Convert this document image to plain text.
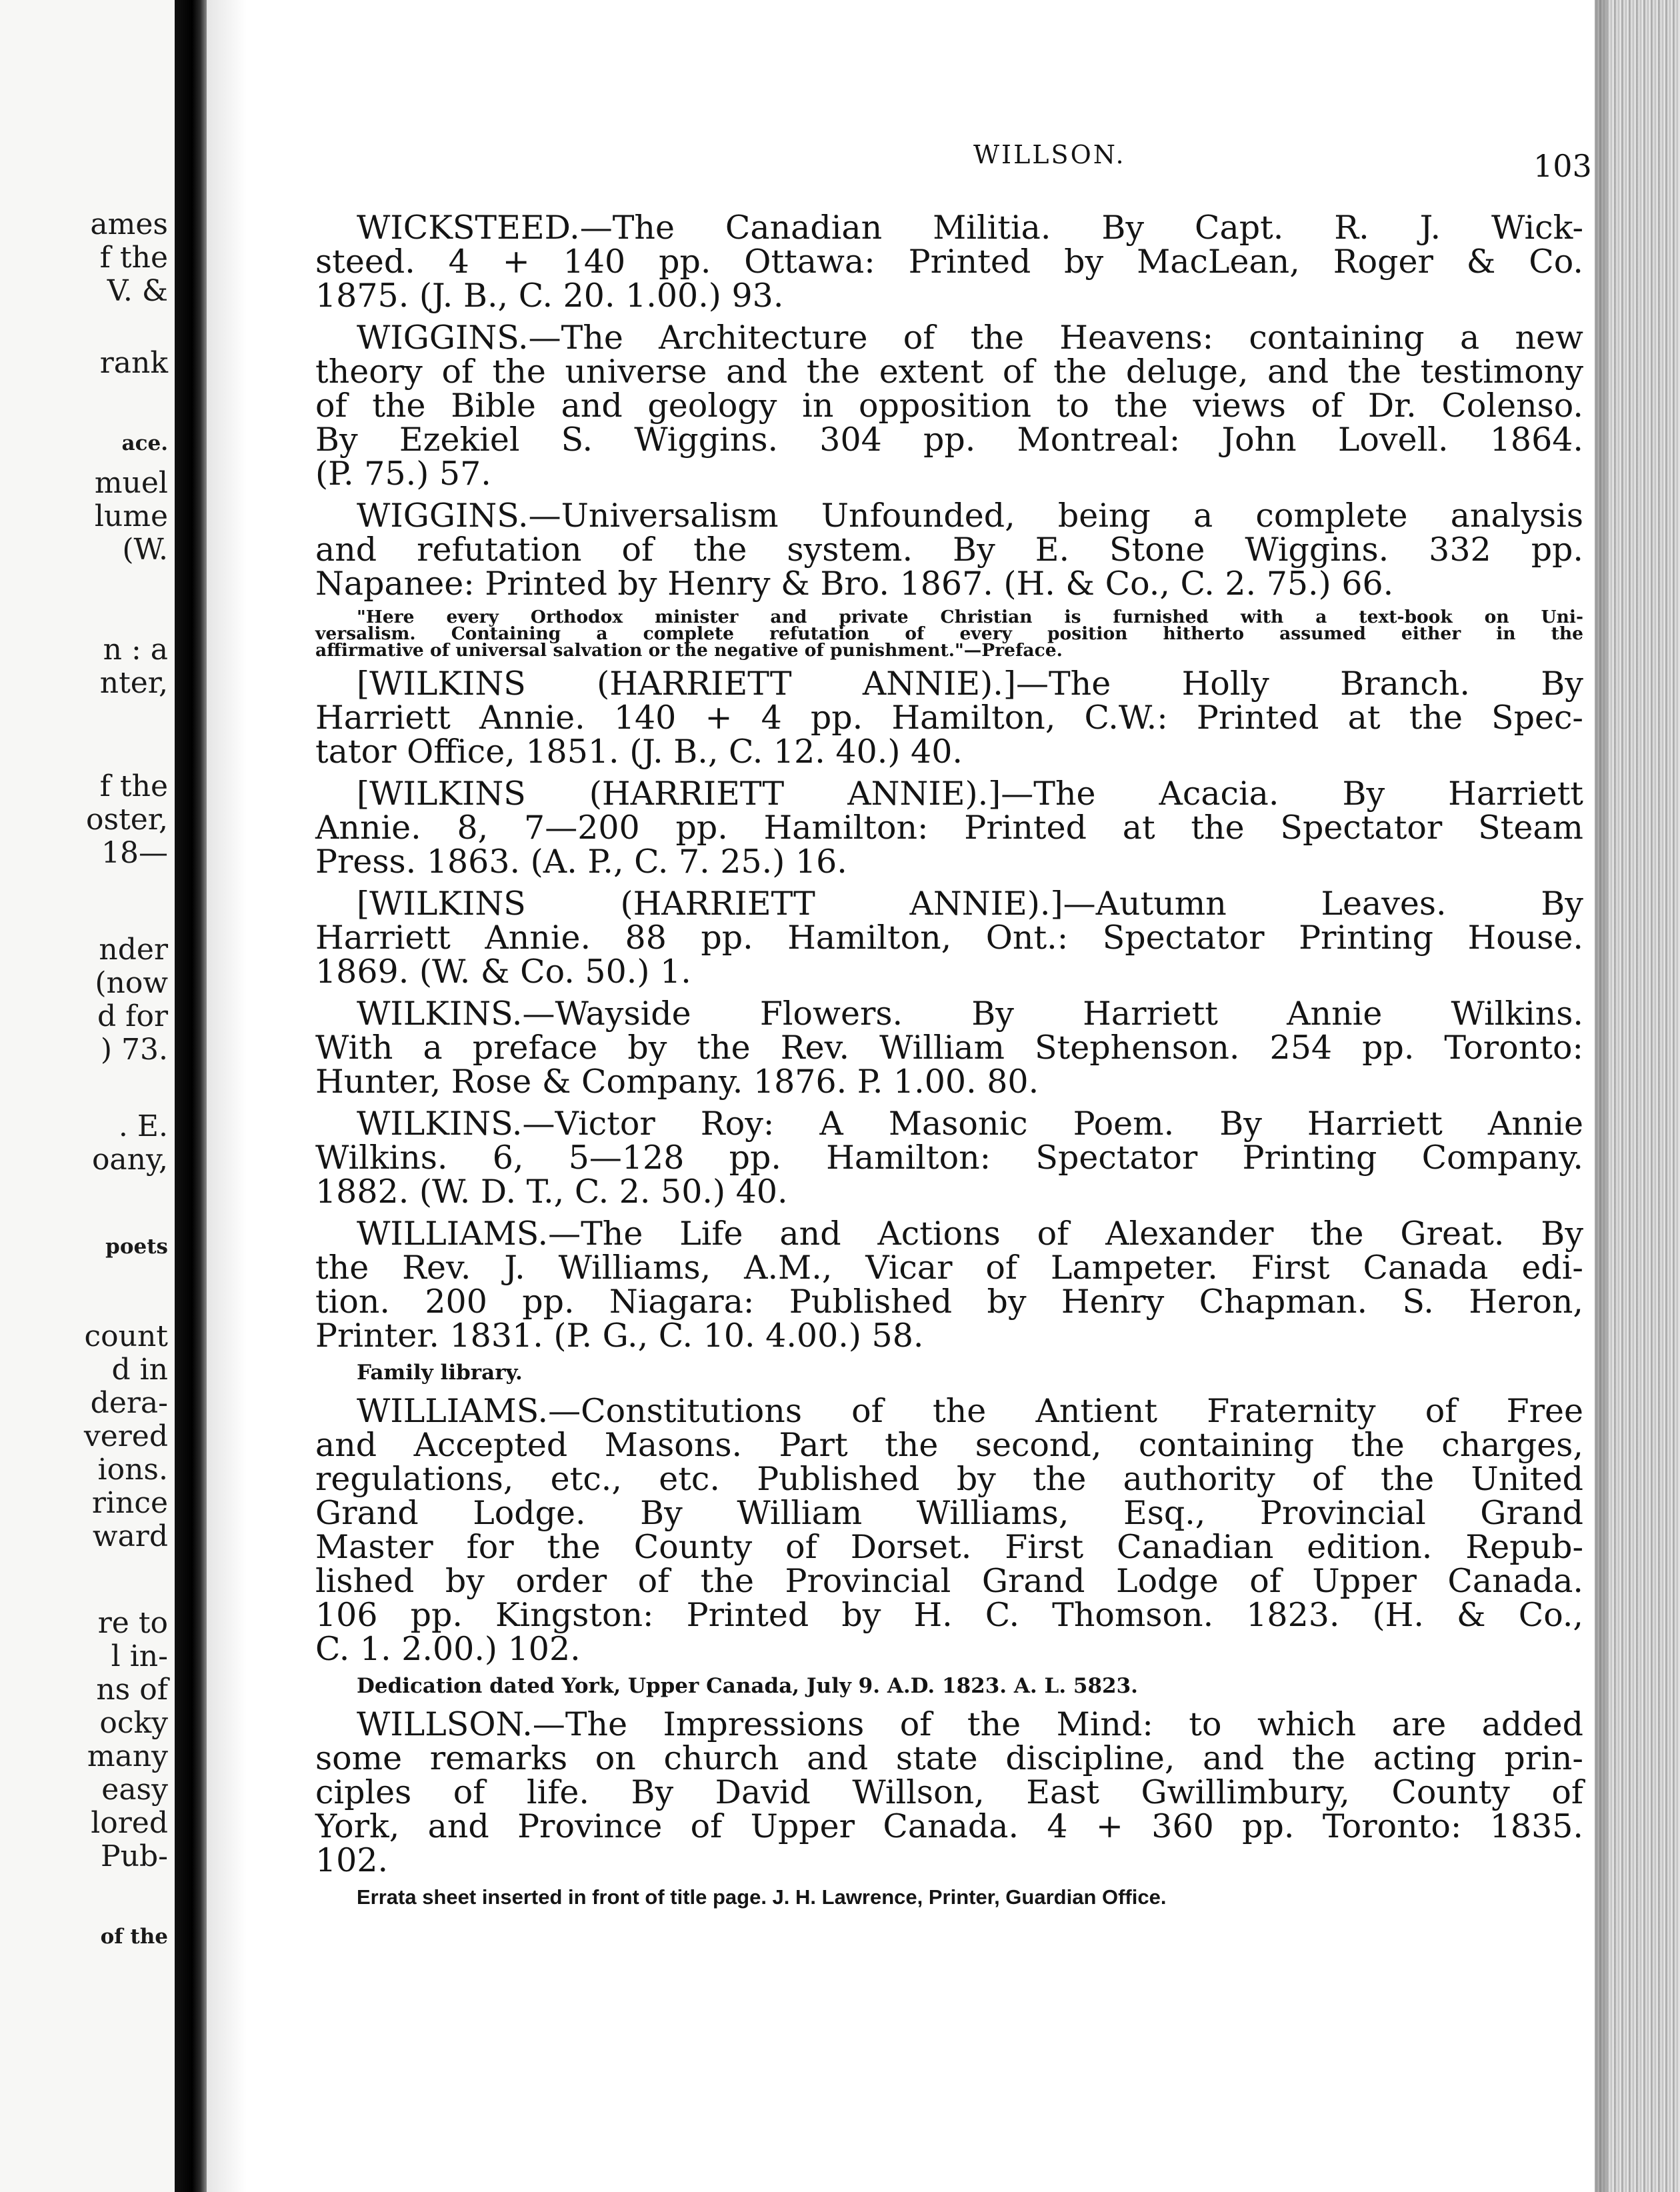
ames
f the
V. &
rank
ace.
muel
lume
(W.
n : a
nter,
f the
oster,
18—
nder
(now
d for
) 73.
. E.
oany,
poets
count
d in
dera-
vered
ions.
rince
ward
re to
l in-
ns of
ocky
many
easy
lored
Pub-
of the
WILLSON.	103
WICKSTEED.—The Canadian Militia. By Capt. R. J. Wick-
steed. 4 + 140 pp. Ottawa: Printed by MacLean, Roger & Co.
1875. (J. B., C. 20. 1.00.) 93.
WIGGINS.—The Architecture of the Heavens: containing a new
theory of the universe and the extent of the deluge, and the testimony
of the Bible and geology in opposition to the views of Dr. Colenso.
By Ezekiel S. Wiggins. 304 pp. Montreal: John Lovell. 1864.
(P. 75.) 57.
WIGGINS.—Universalism Unfounded, being a complete analysis
and refutation of the system. By E. Stone Wiggins. 332 pp.
Napanee: Printed by Henry & Bro. 1867. (H. & Co., C. 2. 75.) 66.
"Here every Orthodox minister and private Christian is furnished with a text-book on Uni-
versalism. Containing a complete refutation of every position hitherto assumed either in the
affirmative of universal salvation or the negative of punishment."—Preface.
[WILKINS (HARRIETT ANNIE).]—The Holly Branch. By
Harriett Annie. 140 + 4 pp. Hamilton, C.W.: Printed at the Spec-
tator Office, 1851. (J. B., C. 12. 40.) 40.
[WILKINS (HARRIETT ANNIE).]—The Acacia. By Harriett
Annie. 8, 7—200 pp. Hamilton: Printed at the Spectator Steam
Press. 1863. (A. P., C. 7. 25.) 16.
[WILKINS (HARRIETT ANNIE).]—Autumn Leaves. By
Harriett Annie. 88 pp. Hamilton, Ont.: Spectator Printing House.
1869. (W. & Co. 50.) 1.
WILKINS.—Wayside Flowers. By Harriett Annie Wilkins.
With a preface by the Rev. William Stephenson. 254 pp. Toronto:
Hunter, Rose & Company. 1876. P. 1.00. 80.
WILKINS.—Victor Roy: A Masonic Poem. By Harriett Annie
Wilkins. 6, 5—128 pp. Hamilton: Spectator Printing Company.
1882. (W. D. T., C. 2. 50.) 40.
WILLIAMS.—The Life and Actions of Alexander the Great. By
the Rev. J. Williams, A.M., Vicar of Lampeter. First Canada edi-
tion. 200 pp. Niagara: Published by Henry Chapman. S. Heron,
Printer. 1831. (P. G., C. 10. 4.00.) 58.
Family library.
WILLIAMS.—Constitutions of the Antient Fraternity of Free
and Accepted Masons. Part the second, containing the charges,
regulations, etc., etc. Published by the authority of the United
Grand Lodge. By William Williams, Esq., Provincial Grand
Master for the County of Dorset. First Canadian edition. Repub-
lished by order of the Provincial Grand Lodge of Upper Canada.
106 pp. Kingston: Printed by H. C. Thomson. 1823. (H. & Co.,
C. 1. 2.00.) 102.
Dedication dated York, Upper Canada, July 9. A.D. 1823. A. L. 5823.
WILLSON.—The Impressions of the Mind: to which are added
some remarks on church and state discipline, and the acting prin-
ciples of life. By David Willson, East Gwillimbury, County of
York, and Province of Upper Canada. 4 + 360 pp. Toronto: 1835.
102.
Errata sheet inserted in front of title page. J. H. Lawrence, Printer, Guardian Office.
